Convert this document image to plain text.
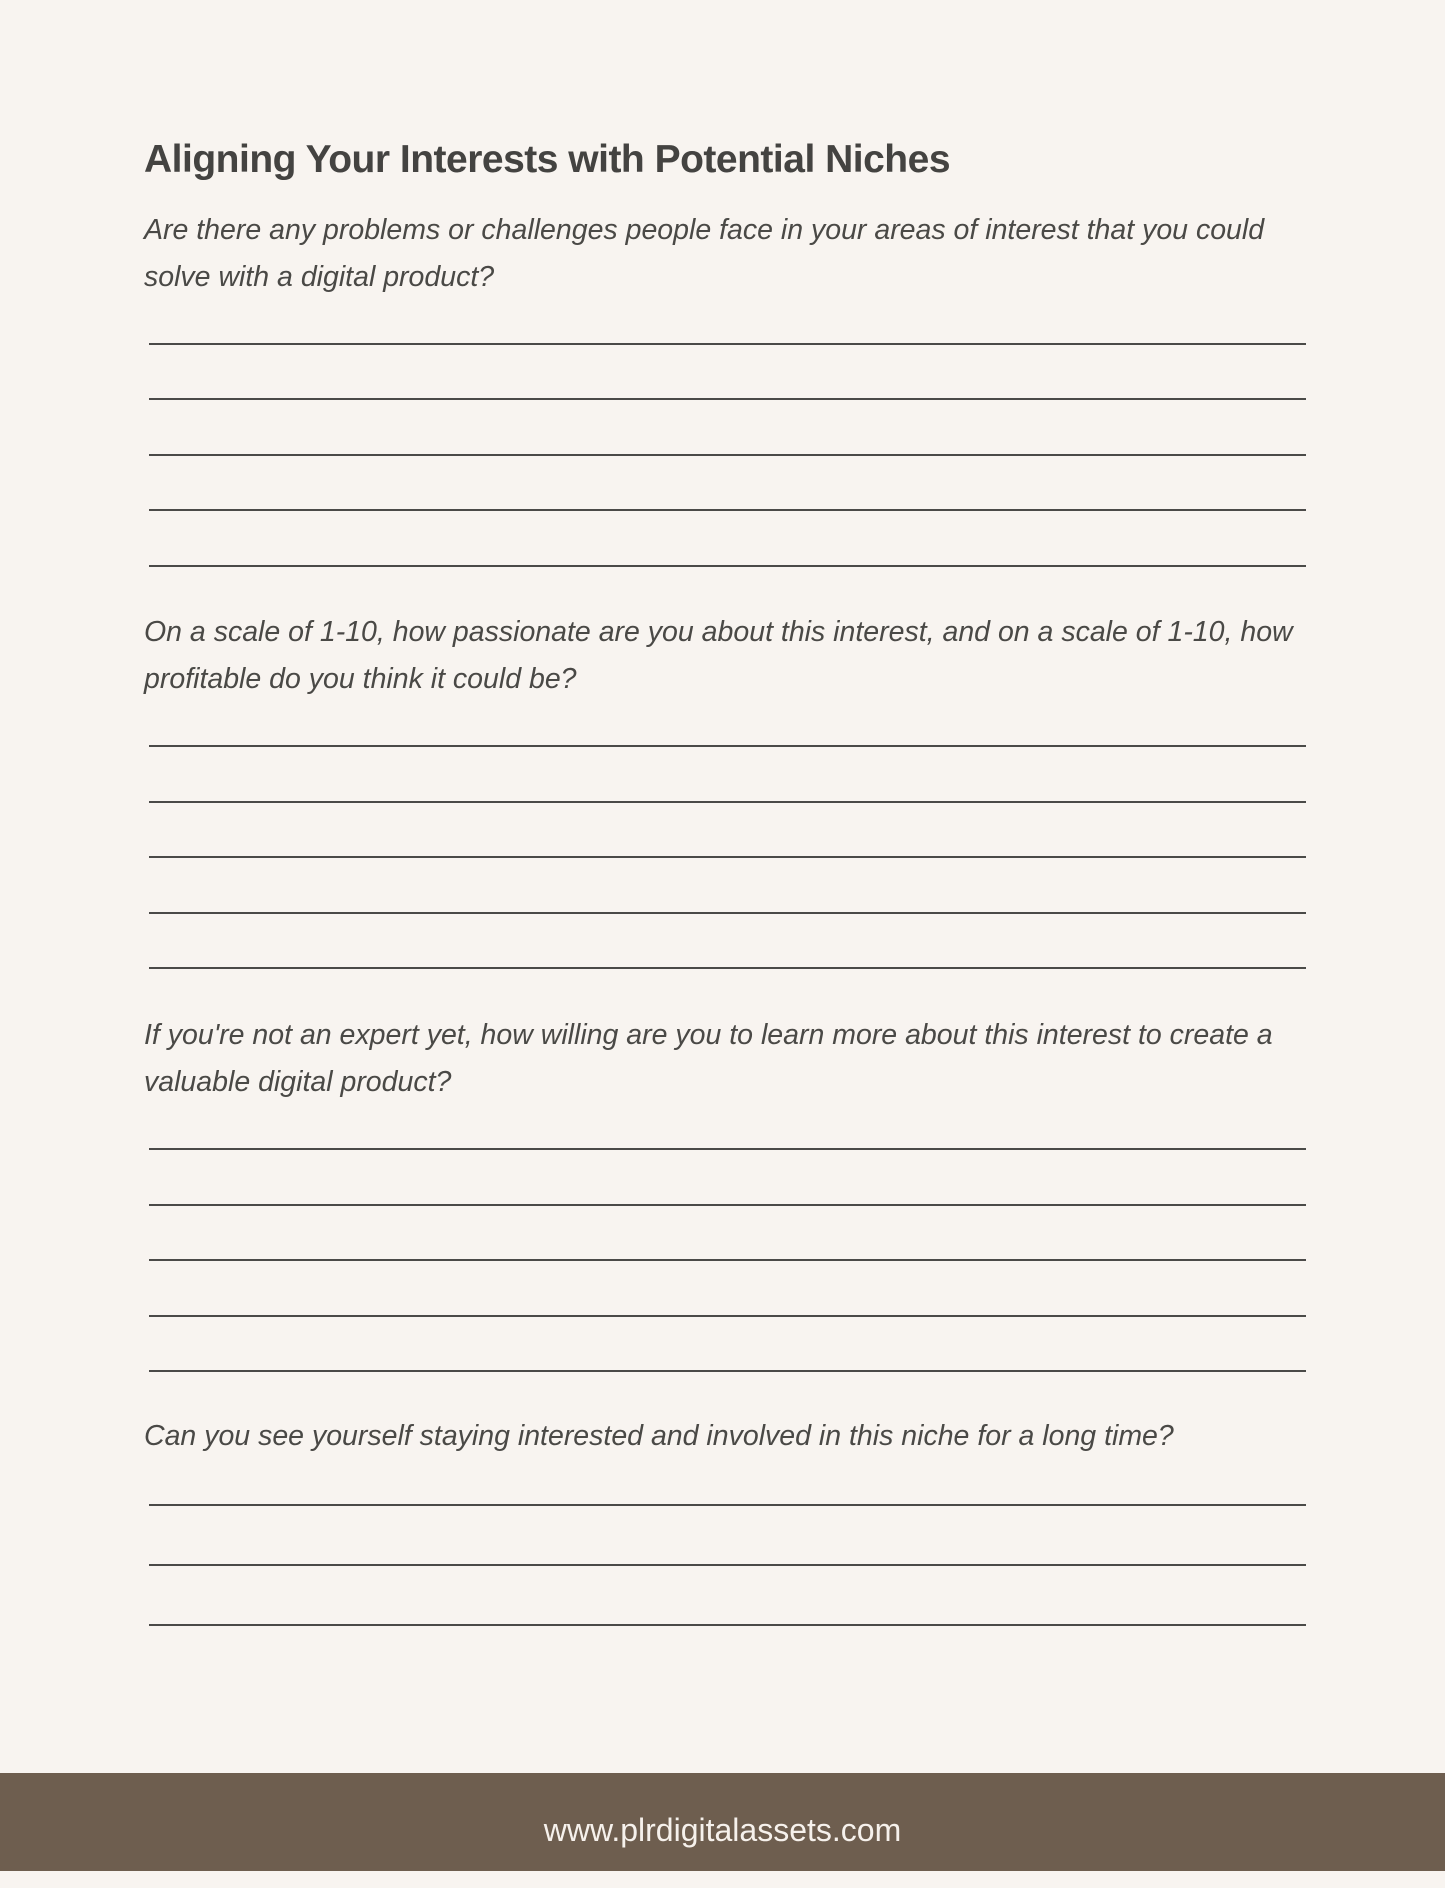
Aligning Your Interests with Potential Niches

Are there any problems or challenges people face in your areas of interest that you could solve with a digital product?

On a scale of 1-10, how passionate are you about this interest, and on a scale of 1-10, how profitable do you think it could be?

If you're not an expert yet, how willing are you to learn more about this interest to create a valuable digital product?

Can you see yourself staying interested and involved in this niche for a long time?

www.plrdigitalassets.com
